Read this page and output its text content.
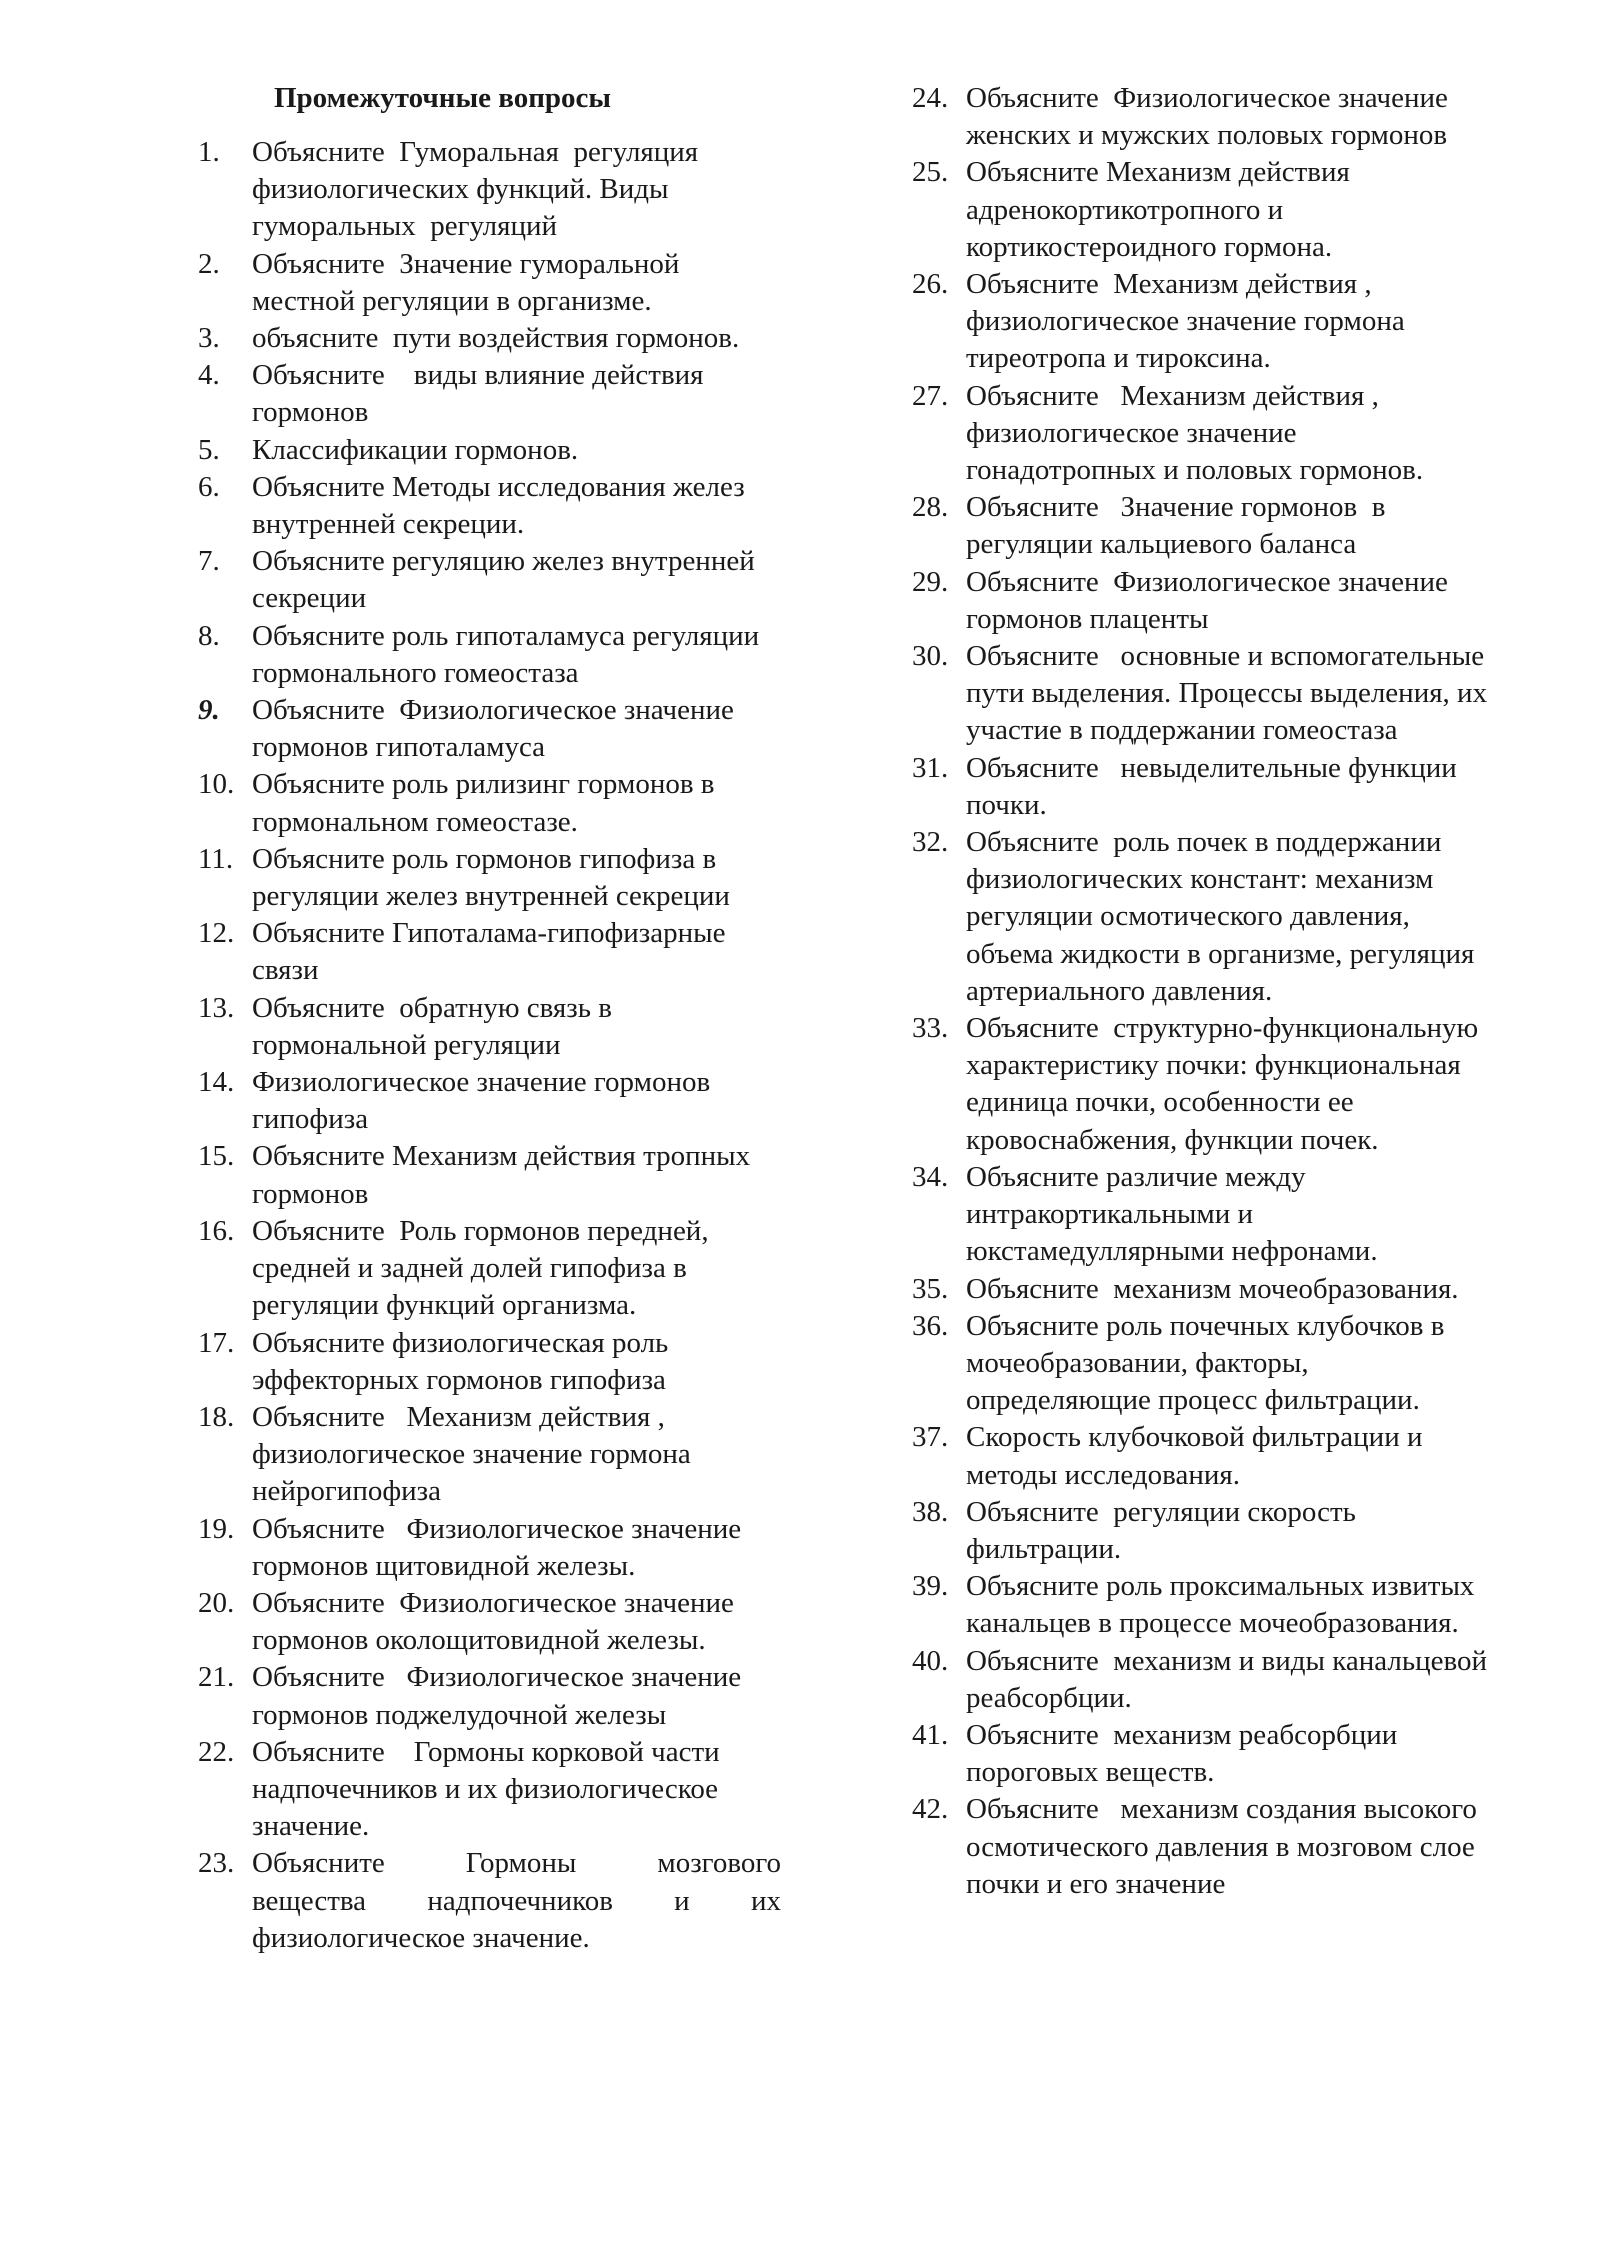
Промежуточные вопросы
1.	Объясните  Гуморальная  регуляция физиологических функций. Виды гуморальных  регуляций
2.	Объясните  Значение гуморальной местной регуляции в организме.
3.	объясните  пути воздействия гормонов.
4.	Объясните    виды влияние действия гормонов
5.	Классификации гормонов.
6.	Объясните Методы исследования желез внутренней секреции.
7.	Объясните регуляцию желез внутренней секреции
8.	Объясните роль гипоталамуса регуляции гормонального гомеостаза
9.	Объясните  Физиологическое значение гормонов гипоталамуса
10. Объясните роль рилизинг гормонов в гормональном гомеостазе.
11. Объясните роль гормонов гипофиза в регуляции желез внутренней секреции
12. Объясните Гипоталама-гипофизарные связи
13. Объясните  обратную связь в гормональной регуляции
14. Физиологическое значение гормонов гипофиза
15. Объясните Механизм действия тропных гормонов
16. Объясните  Роль гормонов передней, средней и задней долей гипофиза в регуляции функций организма.
17. Объясните физиологическая роль эффекторных гормонов гипофиза
18. Объясните   Механизм действия , физиологическое значение гормона нейрогипофиза
19. Объясните   Физиологическое значение гормонов щитовидной железы.
20. Объясните  Физиологическое значение гормонов околощитовидной железы.
21. Объясните   Физиологическое значение гормонов поджелудочной железы
22. Объясните    Гормоны корковой части  надпочечников и их физиологическое значение.
23. Объясните    Гормоны    мозгового вещества   надпочечников   и   их физиологическое значение.
24. Объясните  Физиологическое значение женских и мужских половых гормонов
25. Объясните Механизм действия адренокортикотропного и кортикостероидного гормона.
26. Объясните  Механизм действия , физиологическое значение гормона тиреотропа и тироксина.
27. Объясните   Механизм действия , физиологическое значение гонадотропных и половых гормонов.
28. Объясните   Значение гормонов  в регуляции кальциевого баланса
29. Объясните  Физиологическое значение гормонов плаценты
30. Объясните   основные и вспомогательные пути выделения. Процессы выделения, их   участие в поддержании гомеостаза
31. Объясните   невыделительные функции почки.
32. Объясните  роль почек в поддержании физиологических констант: механизм регуляции осмотического давления, объема жидкости в организме, регуляция артериального давления.
33. Объясните  структурно-функциональную характеристику почки: функциональная единица почки, особенности ее кровоснабжения, функции почек.
34. Объясните различие между интракортикальными и юкстамедуллярными нефронами.
35. Объясните  механизм мочеобразования.
36. Объясните роль почечных клубочков в мочеобразовании, факторы, определяющие процесс фильтрации.
37. Скорость клубочковой фильтрации и методы исследования.
38. Объясните  регуляции скорость фильтрации.
39. Объясните роль проксимальных извитых канальцев в процессе мочеобразования.
40. Объясните  механизм и виды канальцевой реабсорбции.
41. Объясните  механизм реабсорбции пороговых веществ.
42. Объясните   механизм создания высокого осмотического давления в мозговом слое почки и его значение
